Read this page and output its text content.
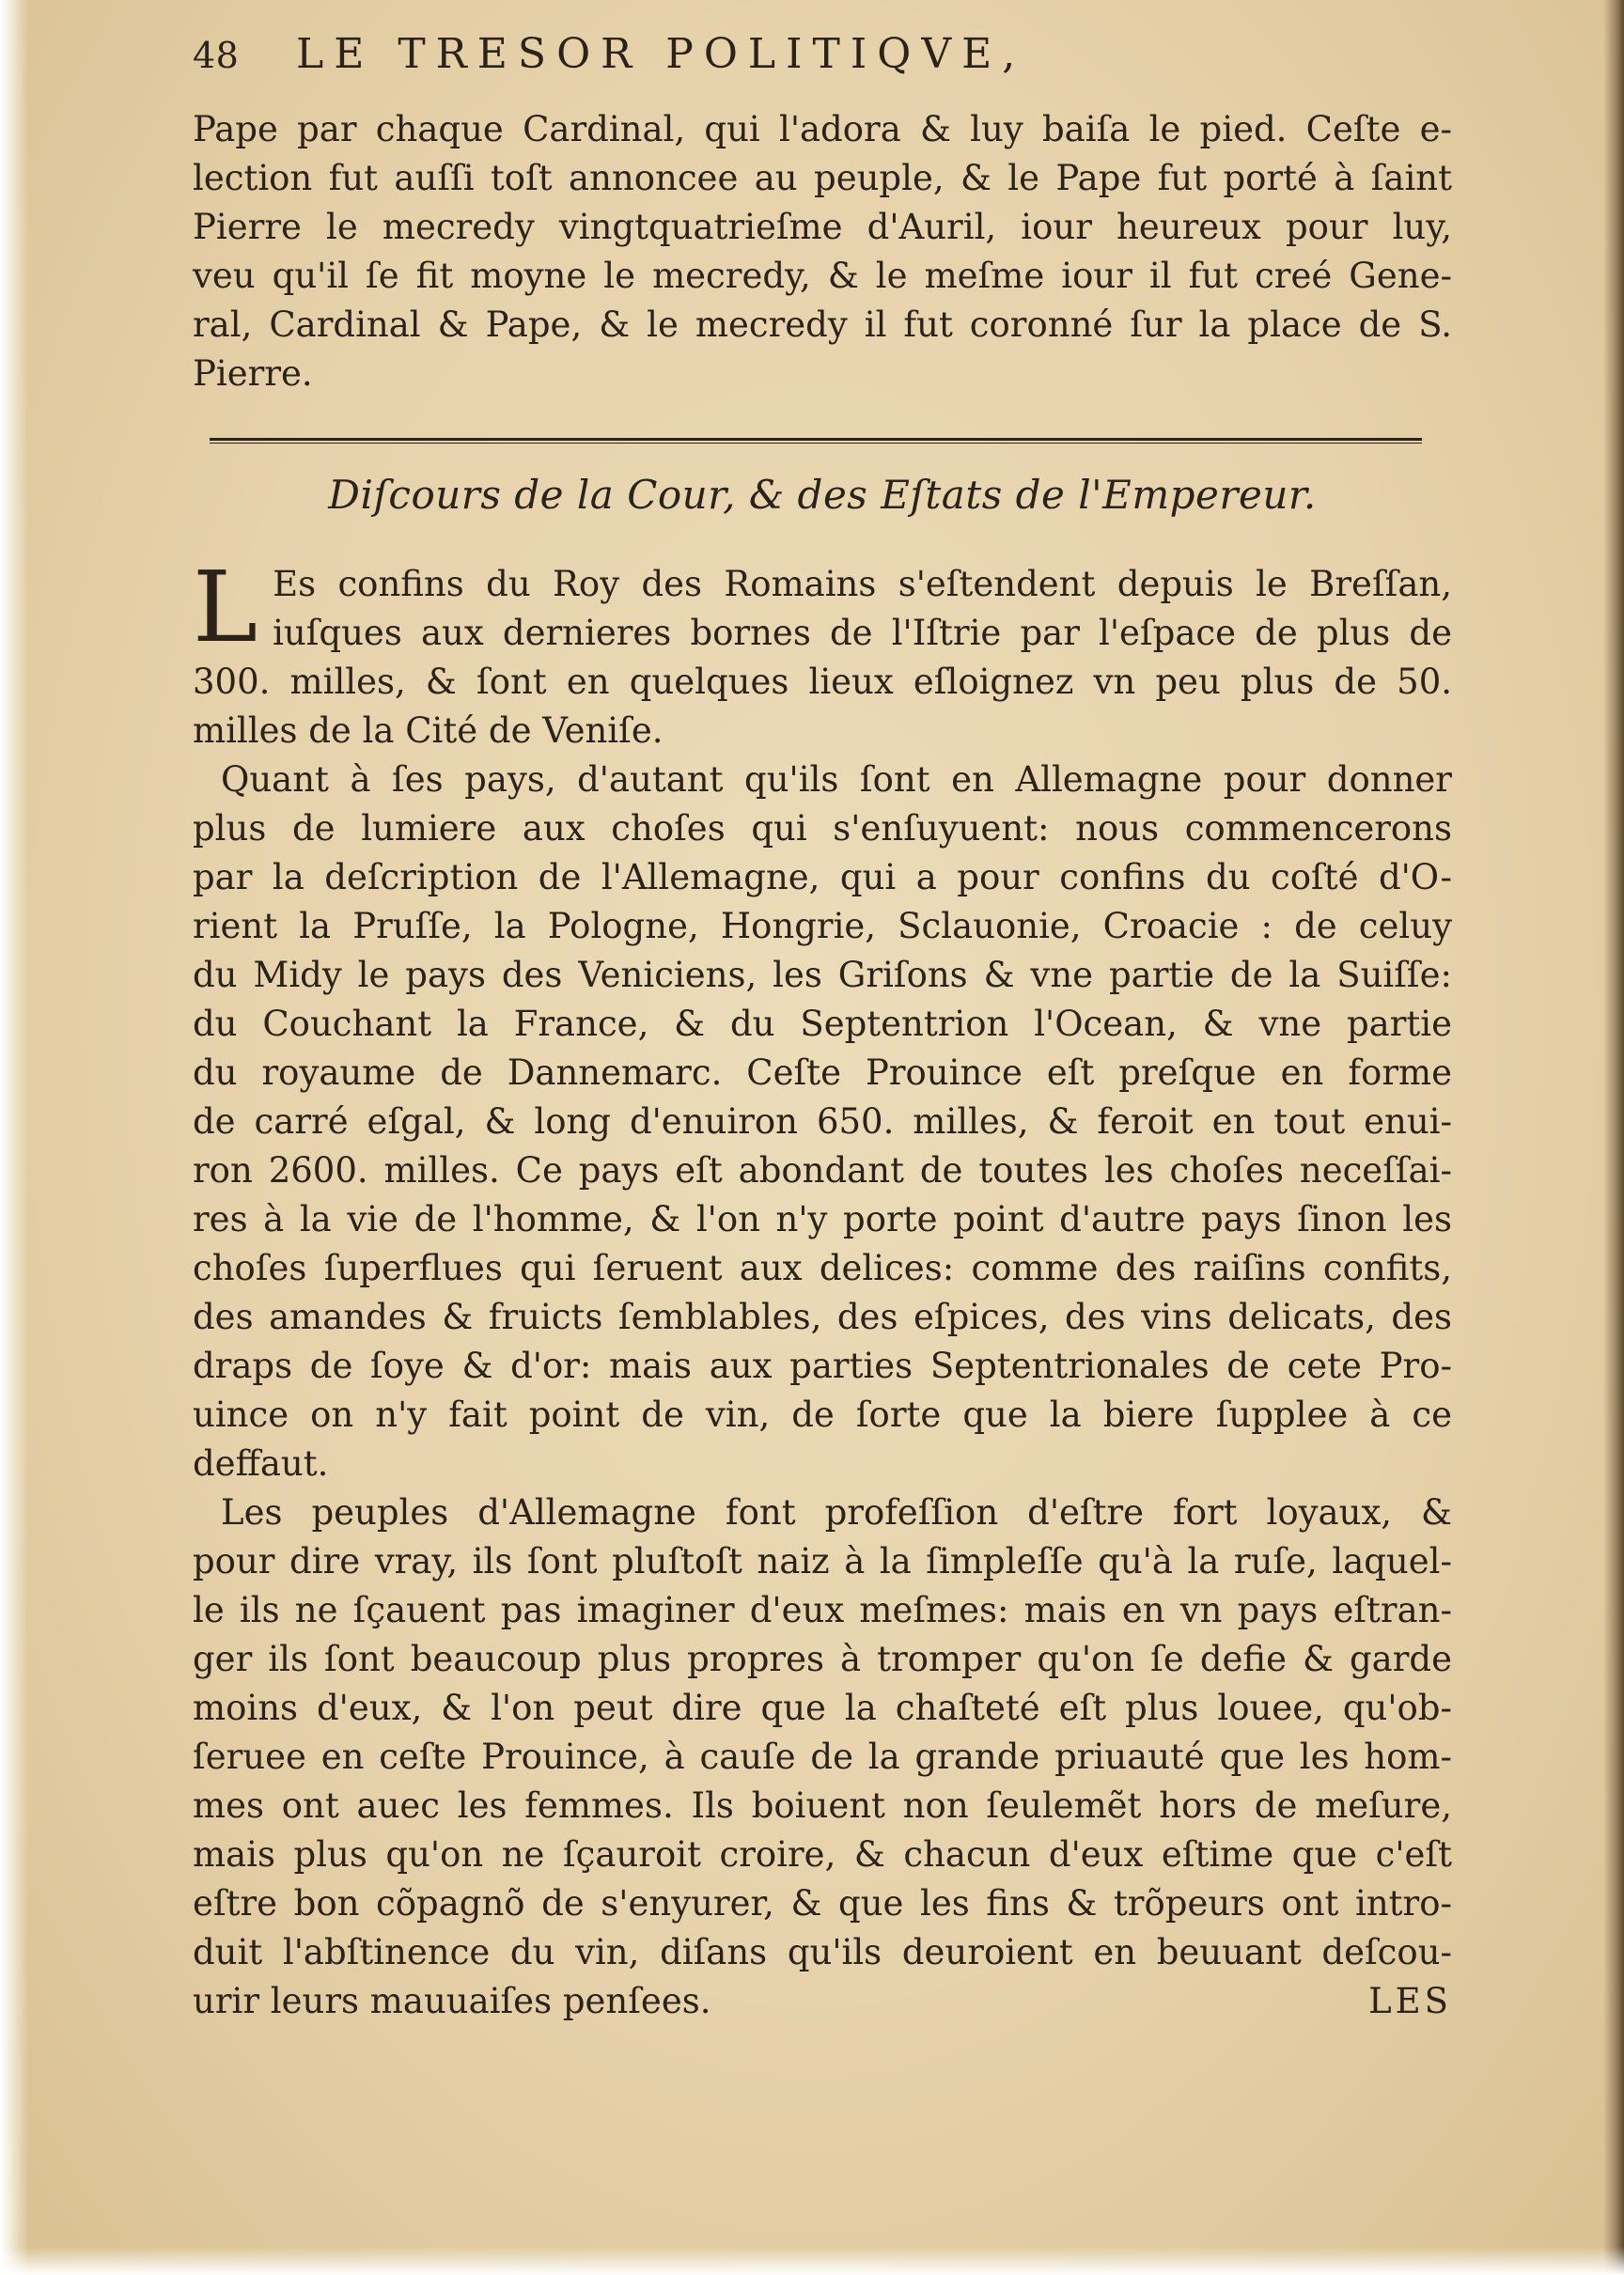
48	LE TRESOR POLITIQVE,
Pape par chaque Cardinal, qui l'adora & luy baiſa le pied. Ceſte e-
lection fut auſſi toſt annoncee au peuple, & le Pape fut porté à ſaint
Pierre le mecredy vingtquatrieſme d'Auril, iour heureux pour luy,
veu qu'il ſe fit moyne le mecredy, & le meſme iour il fut creé Gene-
ral, Cardinal & Pape, & le mecredy il fut coronné ſur la place de S.
Pierre.
Diſcours de la Cour, & des Eſtats de l'Empereur.
L Es confins du Roy des Romains s'eſtendent depuis le Breſſan,
iuſques aux dernieres bornes de l'Iſtrie par l'eſpace de plus de
300. milles, & ſont en quelques lieux eſloignez vn peu plus de 50.
milles de la Cité de Veniſe.
Quant à ſes pays, d'autant qu'ils ſont en Allemagne pour donner
plus de lumiere aux choſes qui s'enſuyuent: nous commencerons
par la deſcription de l'Allemagne, qui a pour confins du coſté d'O-
rient la Pruſſe, la Pologne, Hongrie, Sclauonie, Croacie : de celuy
du Midy le pays des Veniciens, les Griſons & vne partie de la Suiſſe:
du Couchant la France, & du Septentrion l'Ocean, & vne partie
du royaume de Dannemarc. Ceſte Prouince eſt preſque en forme
de carré eſgal, & long d'enuiron 650. milles, & feroit en tout enui-
ron 2600. milles. Ce pays eſt abondant de toutes les choſes neceſſai-
res à la vie de l'homme, & l'on n'y porte point d'autre pays ſinon les
choſes ſuperflues qui ſeruent aux delices: comme des raiſins confits,
des amandes & fruicts ſemblables, des eſpices, des vins delicats, des
draps de ſoye & d'or: mais aux parties Septentrionales de cete Pro-
uince on n'y fait point de vin, de ſorte que la biere ſupplee à ce
deffaut.
Les peuples d'Allemagne font profeſſion d'eſtre fort loyaux, &
pour dire vray, ils ſont pluſtoſt naiz à la ſimpleſſe qu'à la ruſe, laquel-
le ils ne ſçauent pas imaginer d'eux meſmes: mais en vn pays eſtran-
ger ils ſont beaucoup plus propres à tromper qu'on ſe defie & garde
moins d'eux, & l'on peut dire que la chaſteté eſt plus louee, qu'ob-
ſeruee en ceſte Prouince, à cauſe de la grande priuauté que les hom-
mes ont auec les femmes. Ils boiuent non ſeulemẽt hors de meſure,
mais plus qu'on ne ſçauroit croire, & chacun d'eux eſtime que c'eſt
eſtre bon cõpagnõ de s'enyurer, & que les fins & trõpeurs ont intro-
duit l'abſtinence du vin, diſans qu'ils deuroient en beuuant deſcou-
urir leurs mauuaiſes penſees.	LES
